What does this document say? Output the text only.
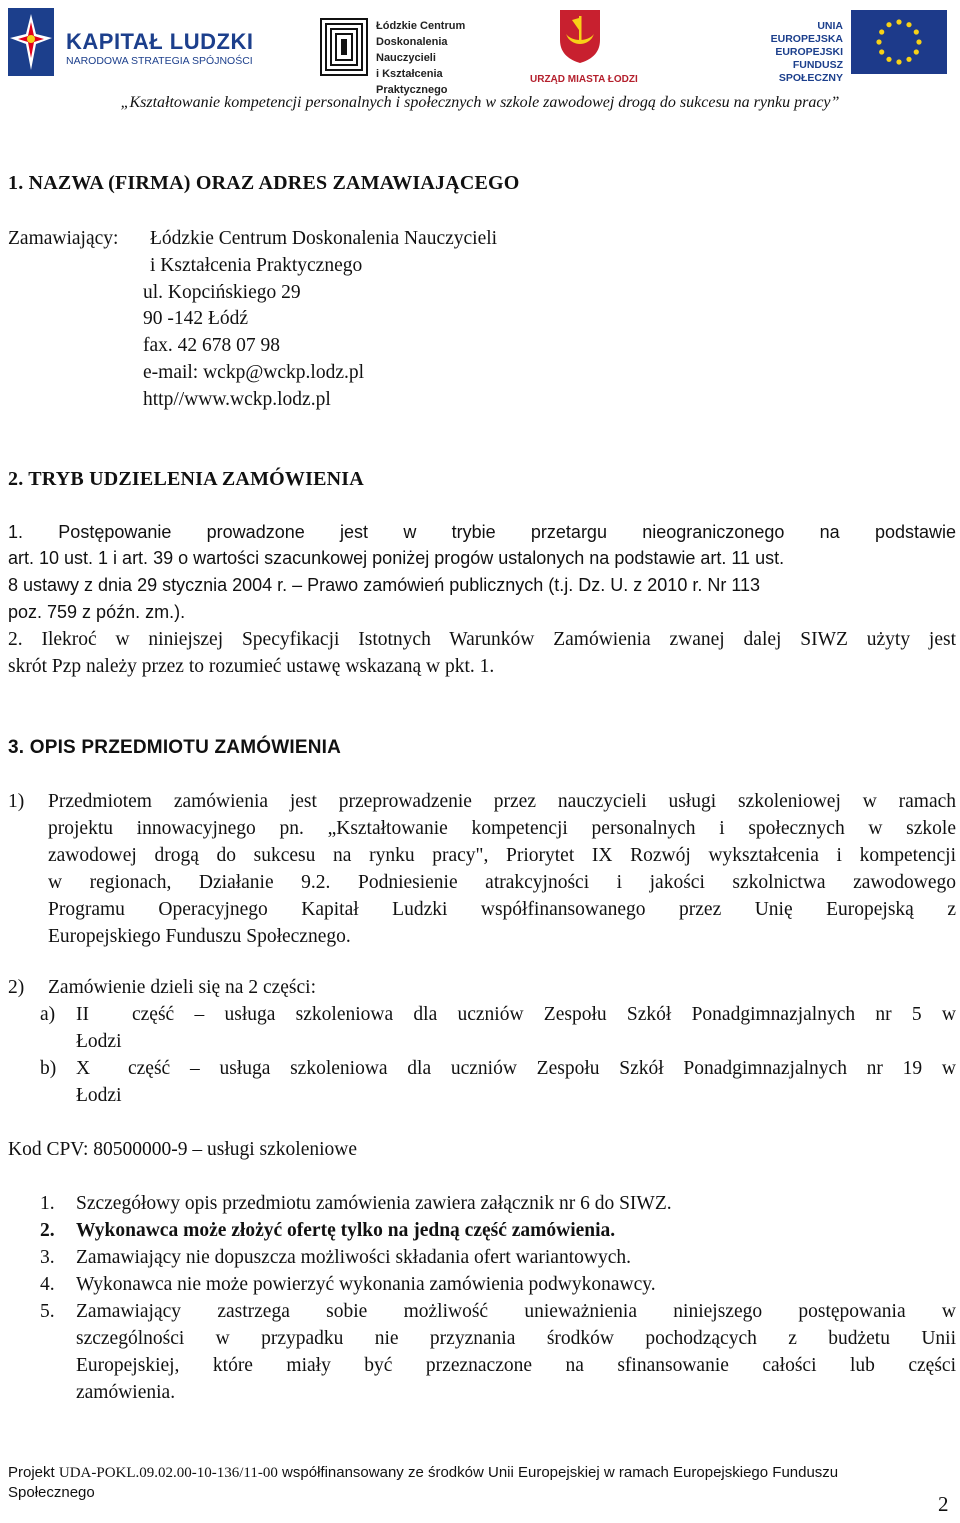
KAPITAŁ LUDZKI
NARODOWA STRATEGIA SPÓJNOŚCI
Łódzkie Centrum
Doskonalenia Nauczycieli
i Kształcenia Praktycznego
URZĄD MIASTA ŁODZI
UNIA EUROPEJSKA
EUROPEJSKI
FUNDUSZ SPOŁECZNY
„Kształtowanie kompetencji personalnych i społecznych w szkole zawodowej drogą do sukcesu na rynku pracy”
1. NAZWA (FIRMA) ORAZ ADRES ZAMAWIAJĄCEGO
Zamawiający: Łódzkie Centrum Doskonalenia Nauczycieli
i Kształcenia Praktycznego
ul. Kopcińskiego 29
90 -142 Łódź
fax. 42 678 07 98
e-mail: wckp@wckp.lodz.pl
http//www.wckp.lodz.pl
2. TRYB UDZIELENIA ZAMÓWIENIA
1. Postępowanie prowadzone jest w trybie przetargu nieograniczonego na podstawie
art. 10 ust. 1 i art. 39 o wartości szacunkowej poniżej progów ustalonych na podstawie art. 11 ust.
8 ustawy z dnia 29 stycznia 2004 r. – Prawo zamówień publicznych (t.j. Dz. U. z 2010 r. Nr 113
poz. 759 z późn. zm.).
2. Ilekroć w niniejszej Specyfikacji Istotnych Warunków Zamówienia zwanej dalej SIWZ użyty jest
skrót Pzp należy przez to rozumieć ustawę wskazaną w pkt. 1.
3. OPIS PRZEDMIOTU ZAMÓWIENIA
1) Przedmiotem zamówienia jest przeprowadzenie przez nauczycieli usługi szkoleniowej w ramach
projektu innowacyjnego pn. „Kształtowanie kompetencji personalnych i społecznych w szkole
zawodowej drogą do sukcesu na rynku pracy", Priorytet IX Rozwój wykształcenia i kompetencji
w regionach, Działanie 9.2. Podniesienie atrakcyjności i jakości szkolnictwa zawodowego
Programu Operacyjnego Kapitał Ludzki współfinansowanego przez Unię Europejską z
Europejskiego Funduszu Społecznego.
2) Zamówienie dzieli się na 2 części:
a) II część – usługa szkoleniowa dla uczniów Zespołu Szkół Ponadgimnazjalnych nr 5 w
Łodzi
b) X część – usługa szkoleniowa dla uczniów Zespołu Szkół Ponadgimnazjalnych nr 19 w
Łodzi
Kod CPV: 80500000-9 – usługi szkoleniowe
1. Szczegółowy opis przedmiotu zamówienia zawiera załącznik nr 6 do SIWZ.
2. Wykonawca może złożyć ofertę tylko na jedną część zamówienia.
3. Zamawiający nie dopuszcza możliwości składania ofert wariantowych.
4. Wykonawca nie może powierzyć wykonania zamówienia podwykonawcy.
5. Zamawiający zastrzega sobie możliwość unieważnienia niniejszego postępowania w
szczególności w przypadku nie przyznania środków pochodzących z budżetu Unii
Europejskiej, które miały być przeznaczone na sfinansowanie całości lub części
zamówienia.
Projekt UDA-POKL.09.02.00-10-136/11-00 współfinansowany ze środków Unii Europejskiej w ramach Europejskiego Funduszu
Społecznego	2
